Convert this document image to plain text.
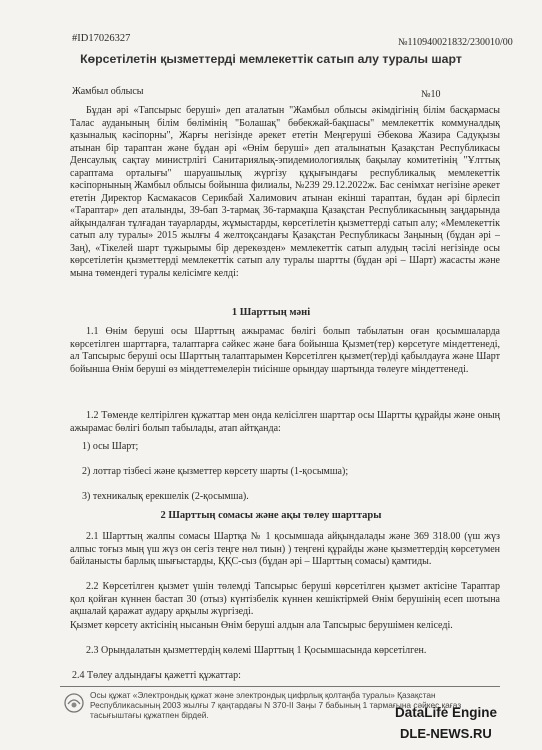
#ID17026327	№110940021832/230010/00
Көрсетілетін қызметтерді мемлекеттік сатып алу туралы шарт
Жамбыл облысы	№10
Бұдан әрі «Тапсырыс беруші» деп аталатын "Жамбыл облысы әкімдігінің білім басқармасы Талас ауданының білім бөлімінің "Болашақ" бөбекжай-бақшасы" мемлекеттік коммуналдық қазыналық кәсіпорны", Жарғы негізінде әрекет ететін Меңгеруші Әбекова Жазира Садуқызы атынан бір тараптан және бұдан әрі «Өнім беруші» деп аталынатын Қазақстан Республикасы Денсаулық сақтау министрлігі Санитариялық-эпидемиологиялық бақылау комитетінің "Ұлттық сараптама орталығы" шаруашылық жүргізу құқығындағы республикалық мемлекеттік кәсіпорнының Жамбыл облысы бойынша филиалы, №239 29.12.2022ж. Бас сенімхат негізіне әрекет ететін Директор Касмакасов Серикбай Халимович атынан екінші тараптан, бұдан әрі бірлесіп «Тараптар» деп аталынды, 39-бап 3-тармақ 36-тармақша Қазақстан Республикасының заңдарында айқындалған тұлғадан тауарларды, жұмыстарды, көрсетілетін қызметтерді сатып алу; «Мемлекеттік сатып алу туралы» 2015 жылғы 4 желтоқсандағы Қазақстан Республикасы Заңының (бұдан әрі – Заң), «Тікелей шарт тұжырымы бір дерекөзден» мемлекеттік сатып алудың тәсілі негізінде осы көрсетілетін қызметтерді мемлекеттік сатып алу туралы шартты (бұдан әрі – Шарт) жасасты және мына төмендегі туралы келісімге келді:
1 Шарттың мәні
1.1 Өнім беруші осы Шарттың ажырамас бөлігі болып табылатын оған қосымшаларда көрсетілген шарттарға, талаптарға сәйкес және баға бойынша Қызмет(тер) көрсетуге міндеттенеді, ал Тапсырыс беруші осы Шарттың талаптарымен Көрсетілген қызмет(тер)ді қабылдауға және Шарт бойынша Өнім беруші өз міндеттемелерін тиісінше орындау шартында төлеуге міндеттенеді.
1.2 Төменде келтірілген құжаттар мен онда келісілген шарттар осы Шартты құрайды және оның ажырамас бөлігі болып табылады, атап айтқанда:
1) осы Шарт;
2) лоттар тізбесі және қызметтер көрсету шарты (1-қосымша);
3) техникалық ерекшелік (2-қосымша).
2 Шарттың сомасы және ақы төлеу шарттары
2.1 Шарттың жалпы сомасы Шартқа № 1 қосымшада айқындалады және 369 318.00 (үш жүз алпыс тоғыз мың үш жүз он сегіз теңге нөл тиын) ) теңгені құрайды және қызметтердің көрсетумен байланысты барлық шығыстарды, ҚҚС-сыз (бұдан әрі – Шарттың сомасы) қамтиды.
2.2 Көрсетілген қызмет үшін төлемді Тапсырыс беруші көрсетілген қызмет актісіне Тараптар қол қойған күннен бастап 30 (отыз) күнтізбелік күннен кешіктірмей Өнім берушінің есеп шотына ақшалай қаражат аудару арқылы жүргізеді.
Қызмет көрсету актісінің нысанын Өнім беруші алдын ала Тапсырыс берушімен келіседі.
2.3 Орындалатын қызметтердің көлемі Шарттың 1 Қосымшасында көрсетілген.
2.4 Төлеу алдындағы қажетті құжаттар:
Осы құжат «Электрондық құжат және электрондық цифрлық қолтаңба туралы» Қазақстан Республикасының 2003 жылғы 7 қаңтардағы N 370-II Заңы 7 бабының 1 тармағына сәйкес қағаз тасығыштағы құжатпен бірдей.	DataLife Engine
DLE-NEWS.RU
